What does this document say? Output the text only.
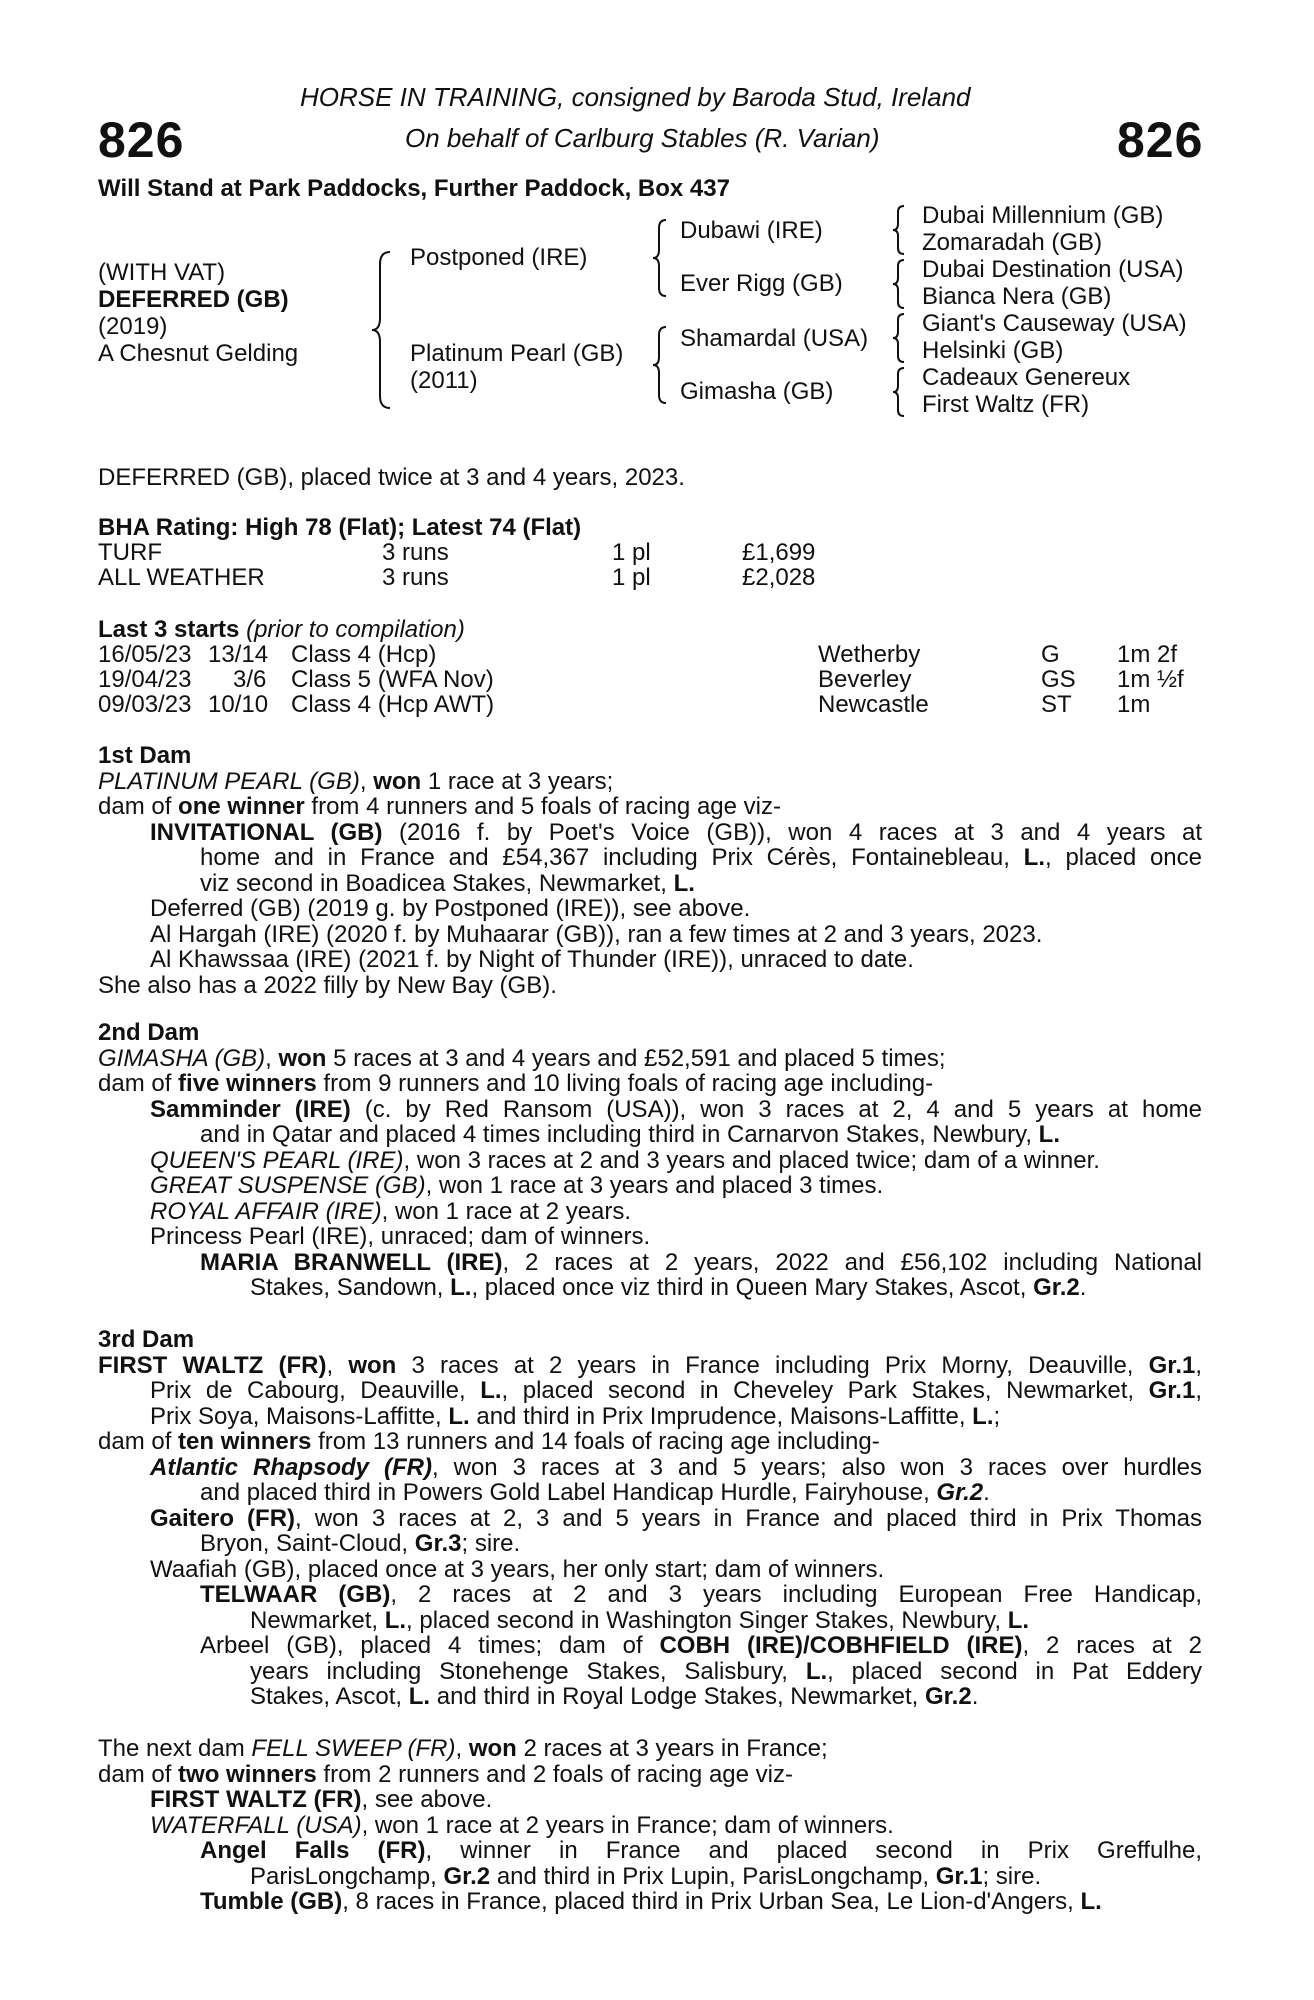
HORSE IN TRAINING, consigned by Baroda Stud, Ireland
On behalf of Carlburg Stables (R. Varian)
826	826
Will Stand at Park Paddocks, Further Paddock, Box 437
(WITH VAT)
DEFERRED (GB)
(2019)
A Chesnut Gelding
Postponed (IRE)
Platinum Pearl (GB)
(2011)
Dubawi (IRE)
Ever Rigg (GB)
Shamardal (USA)
Gimasha (GB)
Dubai Millennium (GB)
Zomaradah (GB)
Dubai Destination (USA)
Bianca Nera (GB)
Giant's Causeway (USA)
Helsinki (GB)
Cadeaux Genereux
First Waltz (FR)
DEFERRED (GB), placed twice at 3 and 4 years, 2023.
BHA Rating: High 78 (Flat); Latest 74 (Flat)
TURF	3 runs	1 pl	£1,699
ALL WEATHER	3 runs	1 pl	£2,028
Last 3 starts (prior to compilation)
16/05/23 13/14 Class 4 (Hcp)	Wetherby	G 1m 2f
19/04/23 3/6 Class 5 (WFA Nov)	Beverley	GS 1m ½f
09/03/23 10/10 Class 4 (Hcp AWT)	Newcastle	ST 1m
1st Dam
PLATINUM PEARL (GB), won 1 race at 3 years;
dam of one winner from 4 runners and 5 foals of racing age viz-
INVITATIONAL (GB) (2016 f. by Poet's Voice (GB)), won 4 races at 3 and 4 years at
home and in France and £54,367 including Prix Cérès, Fontainebleau, L., placed once
viz second in Boadicea Stakes, Newmarket, L.
Deferred (GB) (2019 g. by Postponed (IRE)), see above.
Al Hargah (IRE) (2020 f. by Muhaarar (GB)), ran a few times at 2 and 3 years, 2023.
Al Khawssaa (IRE) (2021 f. by Night of Thunder (IRE)), unraced to date.
She also has a 2022 filly by New Bay (GB).
2nd Dam
GIMASHA (GB), won 5 races at 3 and 4 years and £52,591 and placed 5 times;
dam of five winners from 9 runners and 10 living foals of racing age including-
Samminder (IRE) (c. by Red Ransom (USA)), won 3 races at 2, 4 and 5 years at home
and in Qatar and placed 4 times including third in Carnarvon Stakes, Newbury, L.
QUEEN'S PEARL (IRE), won 3 races at 2 and 3 years and placed twice; dam of a winner.
GREAT SUSPENSE (GB), won 1 race at 3 years and placed 3 times.
ROYAL AFFAIR (IRE), won 1 race at 2 years.
Princess Pearl (IRE), unraced; dam of winners.
MARIA BRANWELL (IRE), 2 races at 2 years, 2022 and £56,102 including National
Stakes, Sandown, L., placed once viz third in Queen Mary Stakes, Ascot, Gr.2.
3rd Dam
FIRST WALTZ (FR), won 3 races at 2 years in France including Prix Morny, Deauville, Gr.1,
Prix de Cabourg, Deauville, L., placed second in Cheveley Park Stakes, Newmarket, Gr.1,
Prix Soya, Maisons-Laffitte, L. and third in Prix Imprudence, Maisons-Laffitte, L.;
dam of ten winners from 13 runners and 14 foals of racing age including-
Atlantic Rhapsody (FR), won 3 races at 3 and 5 years; also won 3 races over hurdles
and placed third in Powers Gold Label Handicap Hurdle, Fairyhouse, Gr.2.
Gaitero (FR), won 3 races at 2, 3 and 5 years in France and placed third in Prix Thomas
Bryon, Saint-Cloud, Gr.3; sire.
Waafiah (GB), placed once at 3 years, her only start; dam of winners.
TELWAAR (GB), 2 races at 2 and 3 years including European Free Handicap,
Newmarket, L., placed second in Washington Singer Stakes, Newbury, L.
Arbeel (GB), placed 4 times; dam of COBH (IRE)/COBHFIELD (IRE), 2 races at 2
years including Stonehenge Stakes, Salisbury, L., placed second in Pat Eddery
Stakes, Ascot, L. and third in Royal Lodge Stakes, Newmarket, Gr.2.
The next dam FELL SWEEP (FR), won 2 races at 3 years in France;
dam of two winners from 2 runners and 2 foals of racing age viz-
FIRST WALTZ (FR), see above.
WATERFALL (USA), won 1 race at 2 years in France; dam of winners.
Angel Falls (FR), winner in France and placed second in Prix Greffulhe,
ParisLongchamp, Gr.2 and third in Prix Lupin, ParisLongchamp, Gr.1; sire.
Tumble (GB), 8 races in France, placed third in Prix Urban Sea, Le Lion-d'Angers, L.
